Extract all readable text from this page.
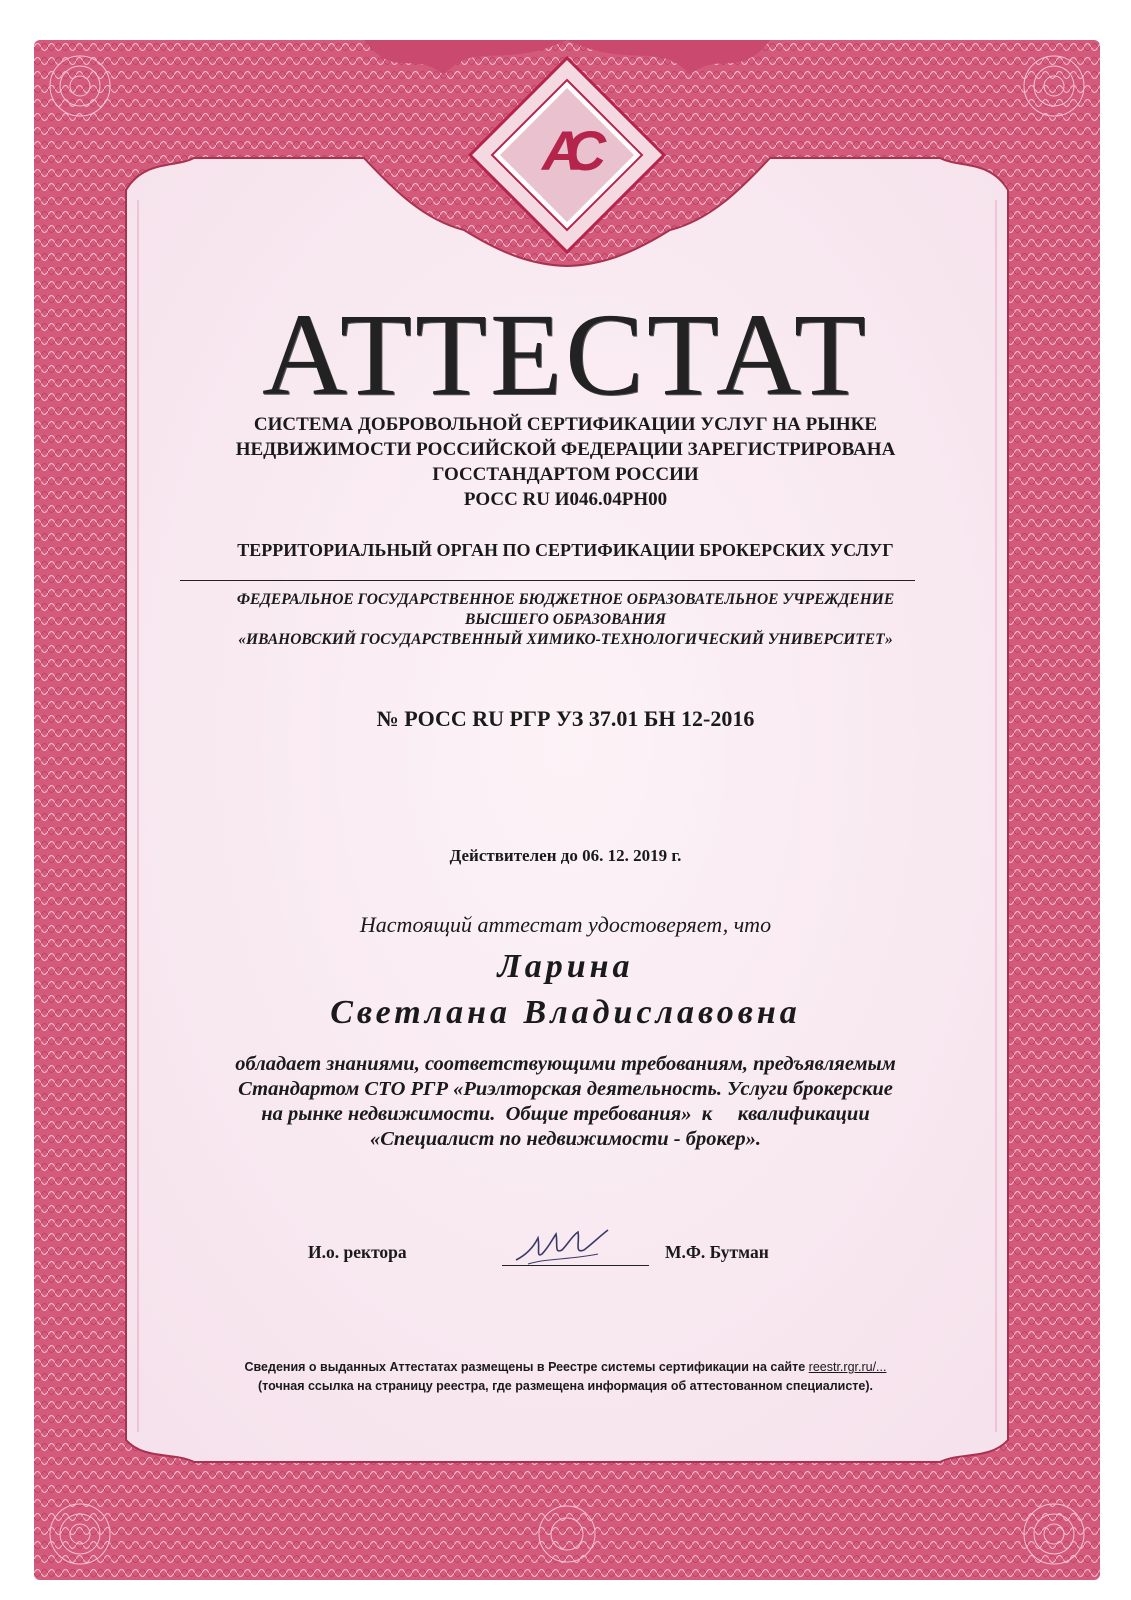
АС
АТТЕСТАТ
СИСТЕМА ДОБРОВОЛЬНОЙ СЕРТИФИКАЦИИ УСЛУГ НА РЫНКЕ
НЕДВИЖИМОСТИ РОССИЙСКОЙ ФЕДЕРАЦИИ ЗАРЕГИСТРИРОВАНА
ГОССТАНДАРТОМ РОССИИ
РОСС RU И046.04РН00
ТЕРРИТОРИАЛЬНЫЙ ОРГАН ПО СЕРТИФИКАЦИИ БРОКЕРСКИХ УСЛУГ
ФЕДЕРАЛЬНОЕ ГОСУДАРСТВЕННОЕ БЮДЖЕТНОЕ ОБРАЗОВАТЕЛЬНОЕ УЧРЕЖДЕНИЕ
ВЫСШЕГО ОБРАЗОВАНИЯ
«ИВАНОВСКИЙ ГОСУДАРСТВЕННЫЙ ХИМИКО-ТЕХНОЛОГИЧЕСКИЙ УНИВЕРСИТЕТ»
№ РОСС RU РГР УЗ 37.01 БН 12-2016
Действителен до 06. 12. 2019 г.
Настоящий аттестат удостоверяет, что
Ларина
Светлана Владиславовна
обладает знаниями, соответствующими требованиям, предъявляемым
Стандартом СТО РГР «Риэлторская деятельность. Услуги брокерские
на рынке недвижимости.  Общие требования»  к     квалификации
«Специалист по недвижимости - брокер».
И.о. ректора	М.Ф. Бутман
Сведения о выданных Аттестатах размещены в Реестре системы сертификации на сайте reestr.rgr.ru/...
(точная ссылка на страницу реестра, где размещена информация об аттестованном специалисте).
